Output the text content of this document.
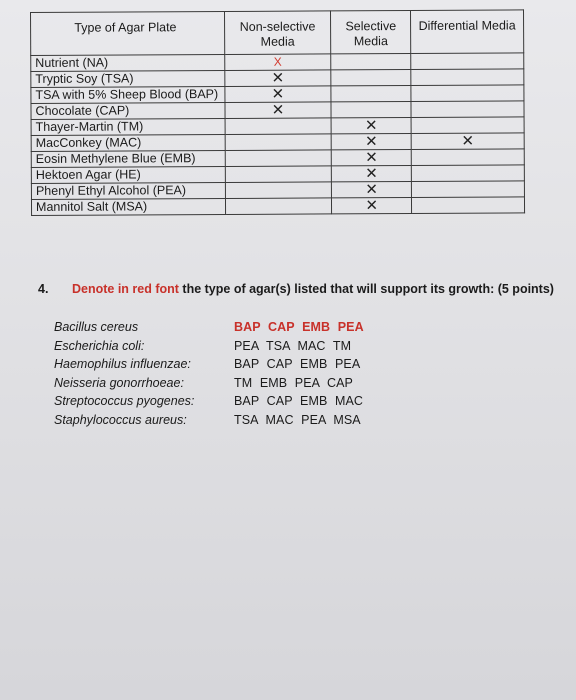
Type of Agar Plate	Non-selective Media	Selective Media	Differential Media
Nutrient (NA)	X		
Tryptic Soy (TSA)	✕		
TSA with 5% Sheep Blood (BAP)	✕		
Chocolate (CAP)	✕		
Thayer-Martin (TM)		✕	
MacConkey (MAC)		✕	✕
Eosin Methylene Blue (EMB)		✕	
Hektoen Agar (HE)		✕	
Phenyl Ethyl Alcohol (PEA)		✕	
Mannitol Salt (MSA)		✕	
4. Denote in red font the type of agar(s) listed that will support its growth: (5 points)
Bacillus cereus	BAP CAP EMB PEA
Escherichia coli:	PEA TSA MAC TM
Haemophilus influenzae:	BAP CAP EMB PEA
Neisseria gonorrhoeae:	TM EMB PEA CAP
Streptococcus pyogenes:	BAP CAP EMB MAC
Staphylococcus aureus:	TSA MAC PEA MSA
